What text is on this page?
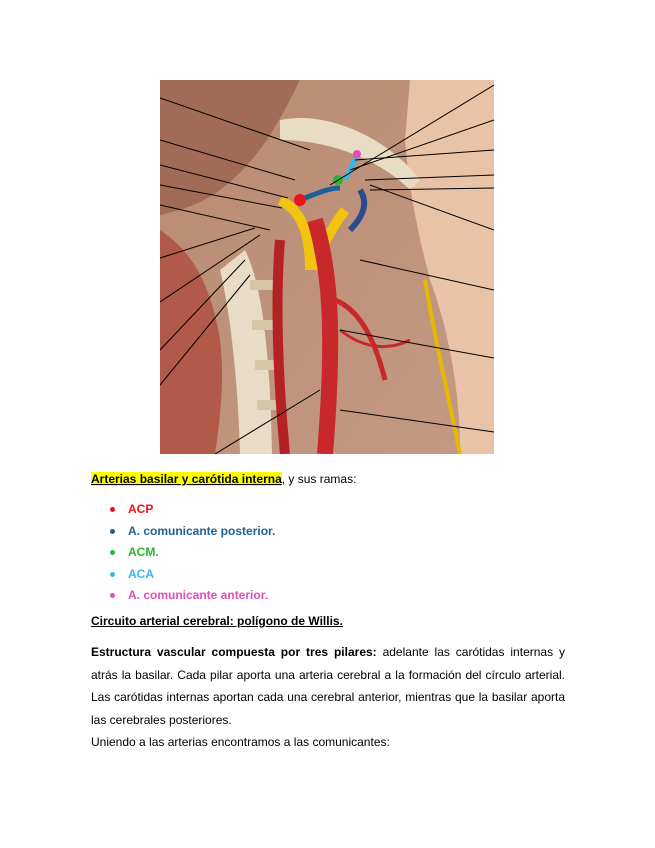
Arterias basilar y carótida interna, y sus ramas:
ACP
A. comunicante posterior.
ACM.
ACA
A. comunicante anterior.
Circuito arterial cerebral: polígono de Willis.

Estructura vascular compuesta por tres pilares: adelante las carótidas internas y atrás la basilar. Cada pilar aporta una arteria cerebral a la formación del círculo arterial. Las carótidas internas aportan cada una cerebral anterior, mientras que la basilar aporta las cerebrales posteriores.

Uniendo a las arterias encontramos a las comunicantes:
